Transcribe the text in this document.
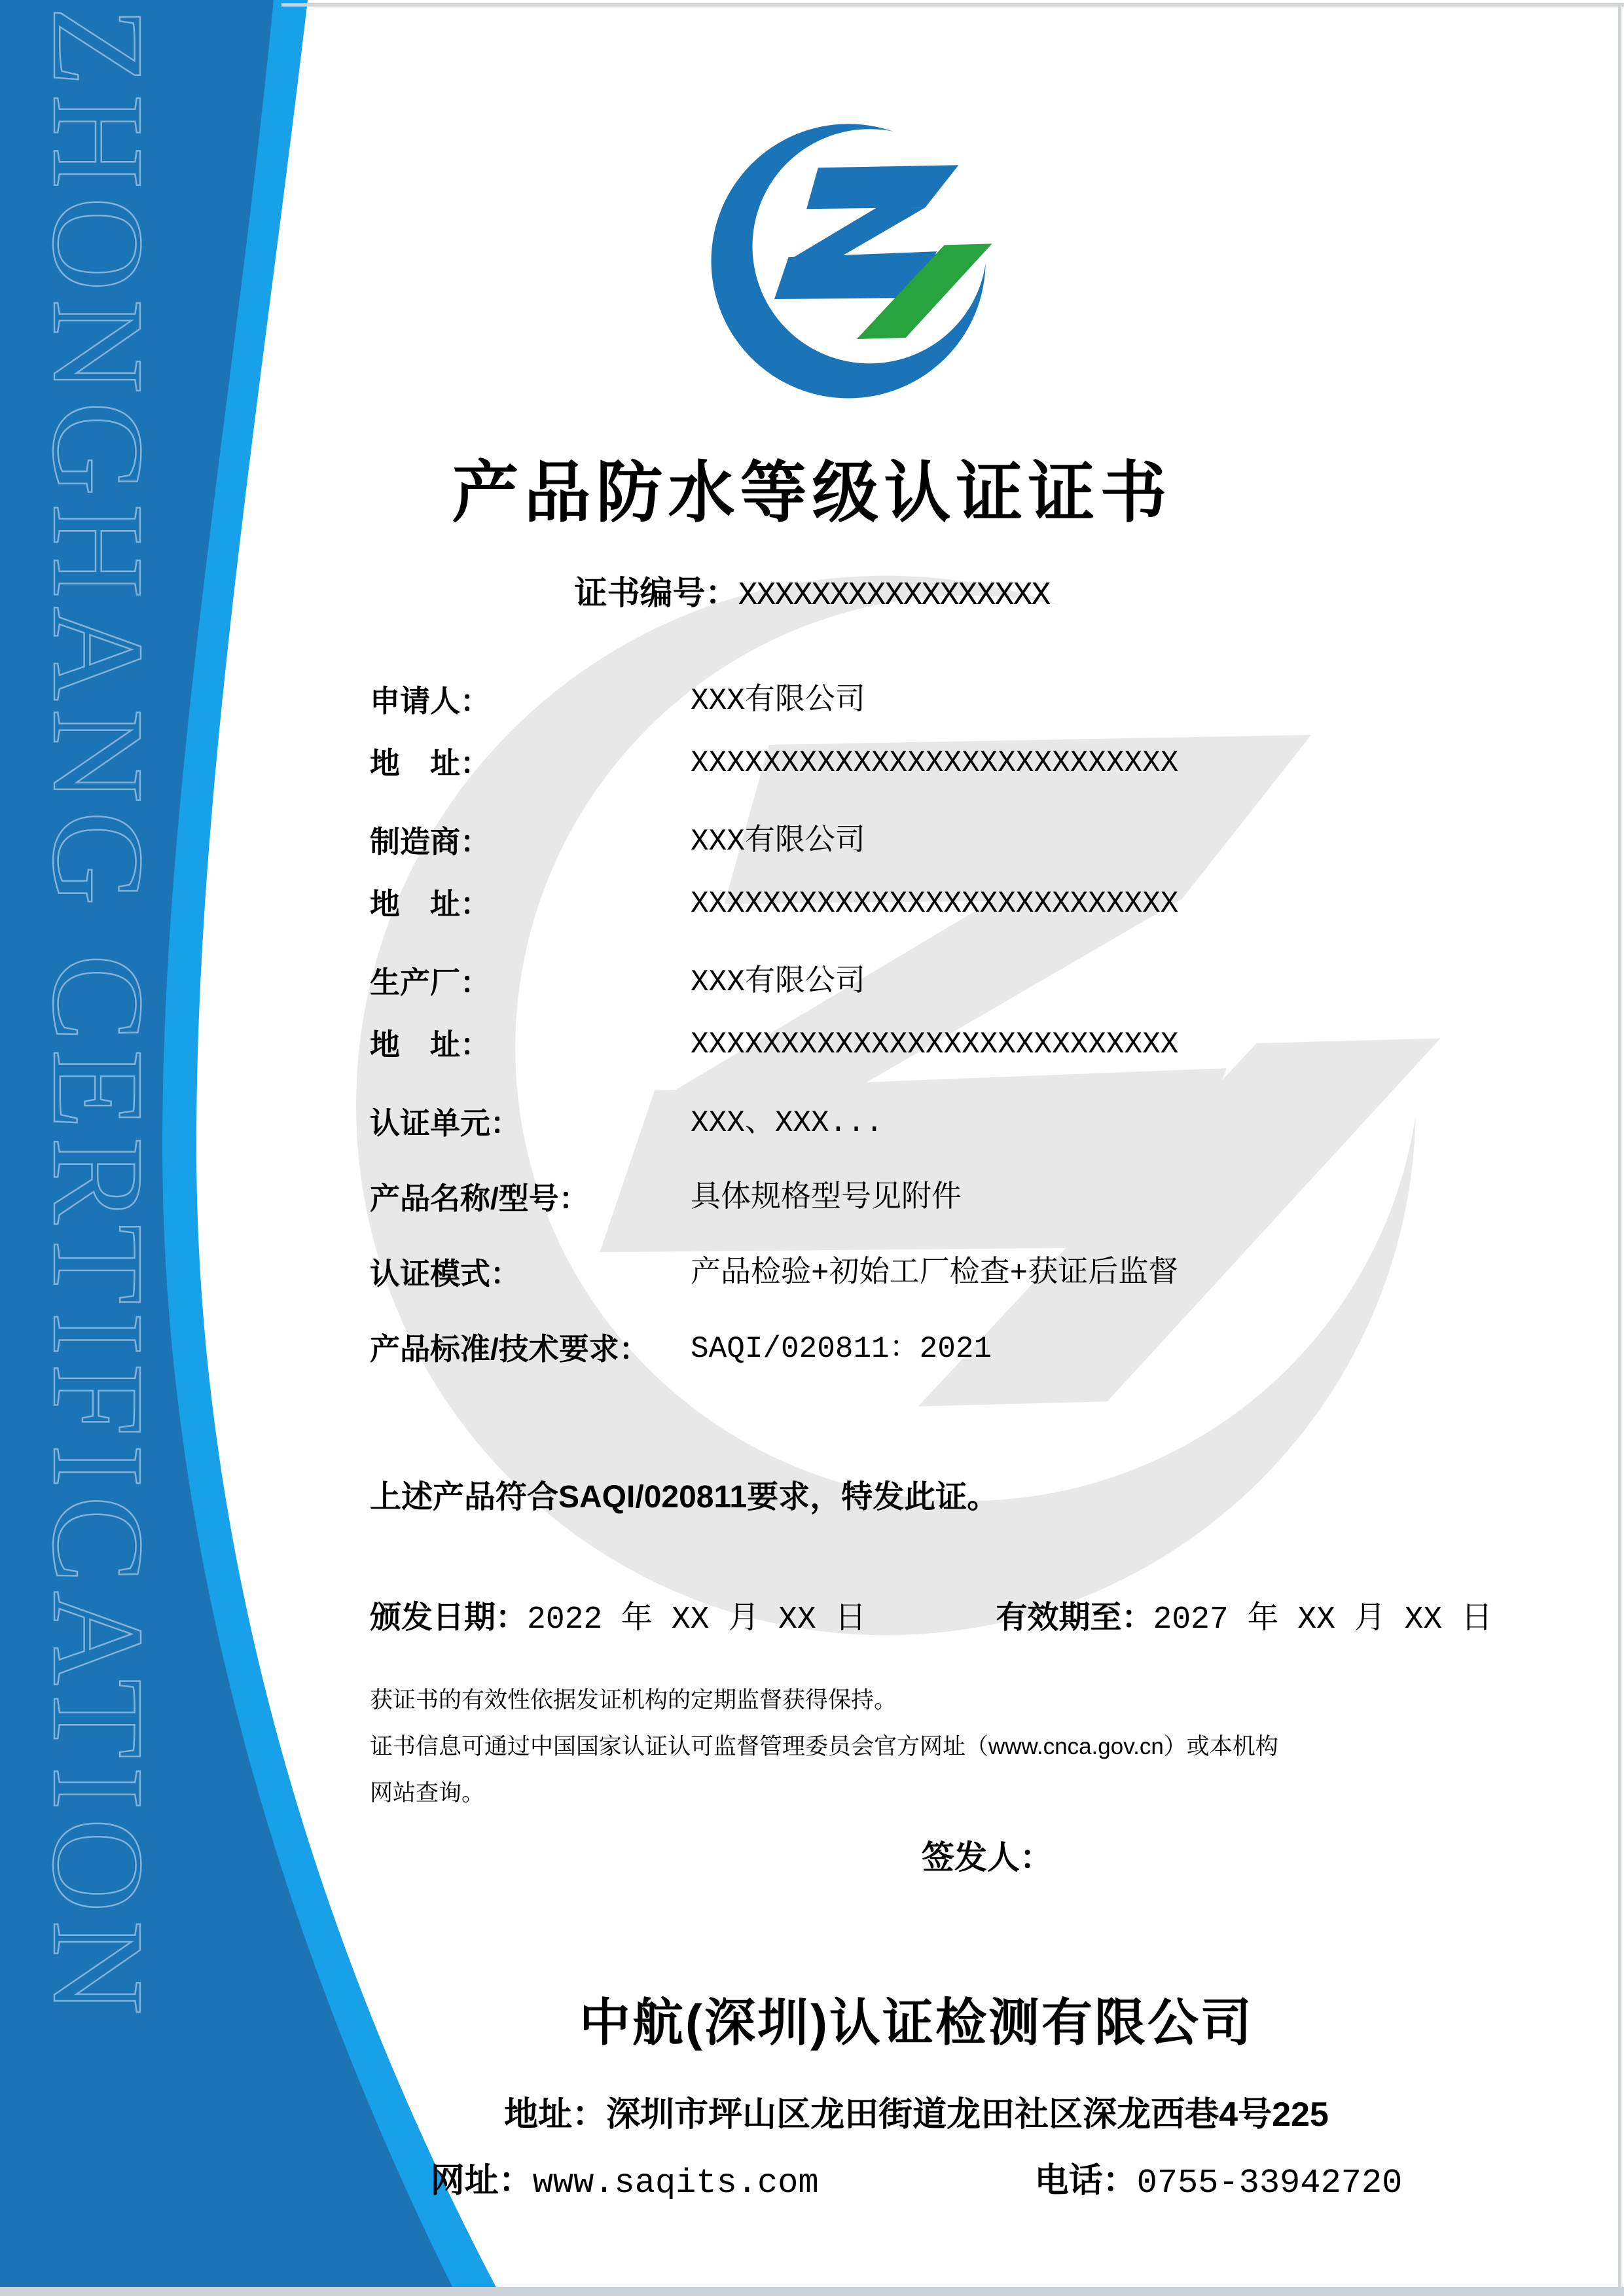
ZHONGHANG CERTIFICATION	产品防水等级认证证书
证书编号：XXXXXXXXXXXXXXXXX
申请人：	XXX有限公司
地　址：	XXXXXXXXXXXXXXXXXXXXXXXXXXX
制造商：	XXX有限公司
地　址：	XXXXXXXXXXXXXXXXXXXXXXXXXXX
生产厂：	XXX有限公司
地　址：	XXXXXXXXXXXXXXXXXXXXXXXXXXX
认证单元：	XXX、XXX...
产品名称/型号：	具体规格型号见附件
认证模式：	产品检验+初始工厂检查+获证后监督
产品标准/技术要求：	SAQI/020811：2021
上述产品符合SAQI/020811要求，特发此证。
颁发日期：2022 年 XX 月 XX 日	有效期至：2027 年 XX 月 XX 日
获证书的有效性依据发证机构的定期监督获得保持。
证书信息可通过中国国家认证认可监督管理委员会官方网址（www.cnca.gov.cn）或本机构
网站查询。
签发人：
中航(深圳)认证检测有限公司
地址：深圳市坪山区龙田街道龙田社区深龙西巷4号225
网址：www.saqits.com	电话：0755-33942720
